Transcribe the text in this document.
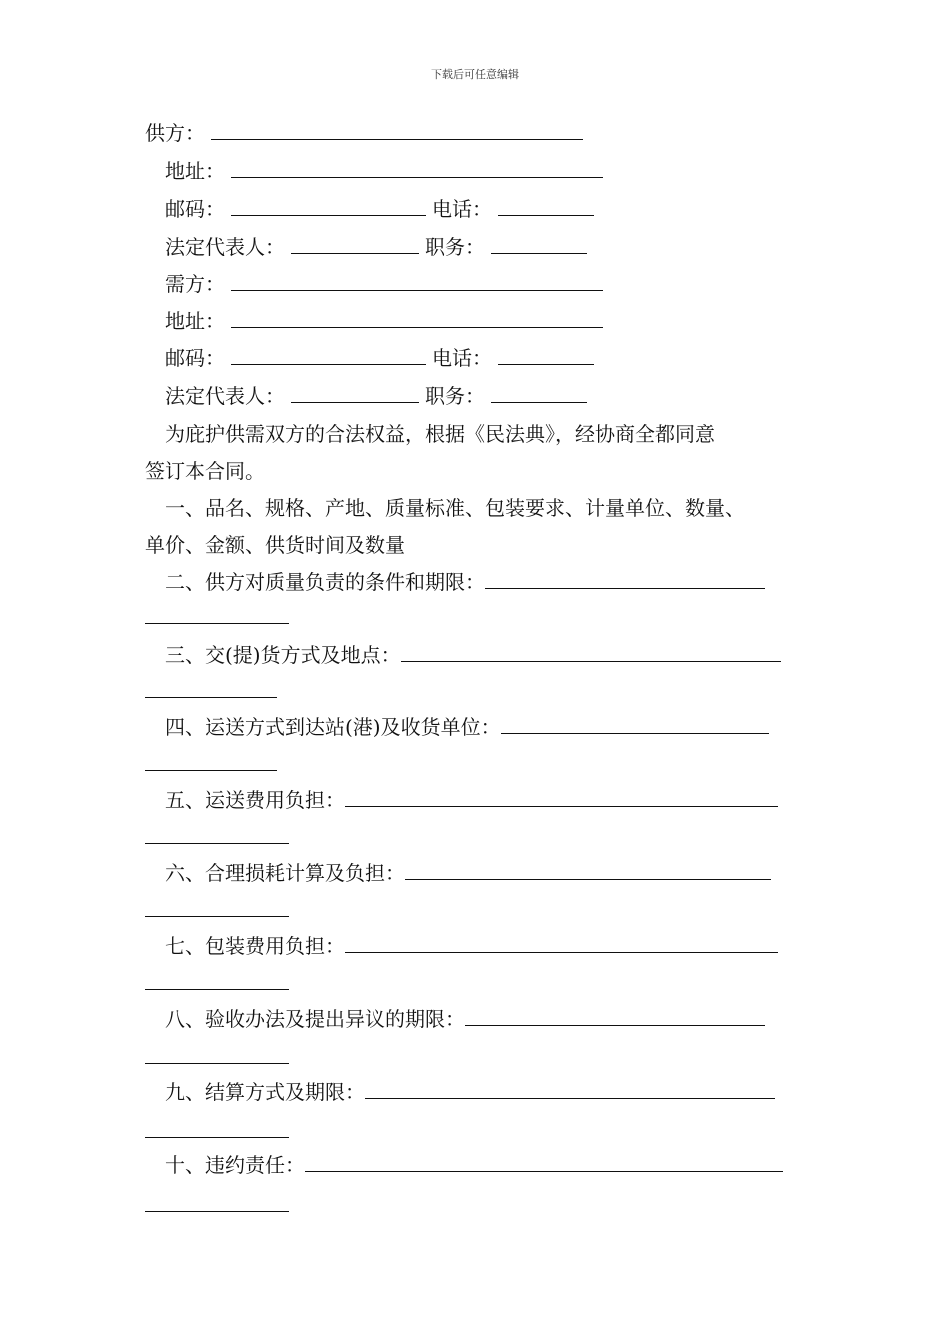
下载后可任意编辑
供方：
地址：
邮码：	电话：
法定代表人：	职务：
需方：
地址：
邮码：	电话：
法定代表人：	职务：
为庇护供需双方的合法权益，根据《民法典》，经协商全都同意
签订本合同。
一、品名、规格、产地、质量标准、包装要求、计量单位、数量、
单价、金额、供货时间及数量
二、供方对质量负责的条件和期限：
三、交(提)货方式及地点：
四、运送方式到达站(港)及收货单位：
五、运送费用负担：
六、合理损耗计算及负担：
七、包装费用负担：
八、验收办法及提出异议的期限：
九、结算方式及期限：
十、违约责任：
